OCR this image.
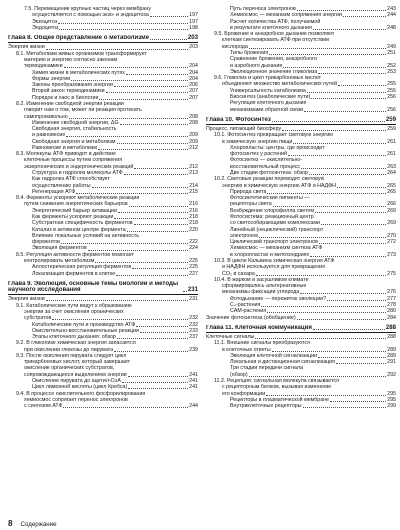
7.5. Перемещение крупных частиц через мембрану
осуществляется с помощью экзо- и эндоцитоза	197
Экзоцитоз	197
Эндоцитоз	198
Глава 8. Общее представление о метаболизме	203
Энергия жизни	203
8.1. Метаболизм живых организмов трансформирует
материю и энергию согласно законам
термодинамики	204
Химия жизни в метаболических путях	204
Формы энергии	204
Законы преобразования энергии	206
Второй закон термодинамики	207
Порядок и хаос в биологии	207
8.2. Изменение свободной энергии реакции
говорит нам о том, может ли реакция протекать
самопроизвольно	208
Изменение свободной энергии, ΔG	208
Свободная энергия, стабильность
и равновесие	209
Свободная энергия и метаболизм	209
Равновесие и метаболизм	212
8.3. Молекулы АТФ приводят в действие
клеточные процессы путем сопряжения
экзергонических и эндергонических реакций	212
Структура и гидролиз молекулы АТФ	213
Как гидролиз АТФ способствует
осуществлению работы	214
Регенерация АТФ	215
8.4. Ферменты ускоряют метаболические реакции
путем снижения энергетических барьеров	216
Энергетический барьер активации	216
Как ферменты ускоряют реакции	218
Субстратная специфичность ферментов	218
Катализ в активном центре фермента	220
Влияние локальных условий на активность
ферментов	222
Эволюция ферментов	224
8.5. Регуляция активности ферментов помогает
контролировать метаболизм	225
Аллостерическая регуляция ферментов	225
Локализация ферментов в клетке	227
Глава 9. Эволюция, основные темы биологии и методы научного исследования	231
Энергия жизни	231
9.1. Катаболические пути ведут к образованию
энергии за счет окисления органических
субстратов	232
Катаболические пути и производство АТФ	232
Окислительно-восстановительные реакции	233
Этапы клеточного дыхания: обзор	237
9.2. В гликолизе химическая энергия запасается
при окислении глюкозы до пирувата	239
9.3. После окисления пирувата следует цикл
трикарбоновых кислот, который завершает
окисление органических субстратов,
сопровождающееся выделением энергии	241
Окисление пирувата до ацетил-CoA	241
Цикл лимонной кислоты (цикл Кребса)	241
9.4. В процессе окислительного фосфорилирования
хемиосмос сопрягает перенос электронов
с синтезом АТФ	244
Путь переноса электронов	243
Хемиосмос — механизм сопряжения энергии	244
Расчет количества АТФ, получаемой
в результате клеточного дыхания	248
9.5. Брожение и анаэробное дыхание позволяют
клеткам синтезировать АТФ при отсутствии
кислорода	249
Типы брожения	251
Сравнение брожения, анаэробного
и аэробного дыхания	252
Эволюционное значение гликолиза	253
9.6. Гликолиз и цикл трикарбоновых кислот
объединяют множество метаболических путей	255
Универсальность катаболизма	255
Биосинтез (анаболические пути)	256
Регуляция клеточного дыхания
механизмами обратной связи	256
Глава 10. Фотосинтез	259
Процесс, питающий биосферу	259
10.1. Фотосинтез превращает световую энергию
в химическую энергию пищи	261
Хлоропласты: центры, где происходит
фотосинтез у растений	261
Фотосинтез — окислительно-
восстановительный процесс	263
Две стадии фотосинтеза: обзор	264
10.2. Световые реакции переводят световую
энергию в химическую энергию АТФ и НАДФН	265
Природа света	265
Фотосинтетические пигменты —
рецепторы света	266
Возбуждение хлорофилла светом	269
Фотосистема: реакционный центр
со светособирающими комплексами	269
Линейный (нециклический) транспорт
электронов	270
Циклический транспорт электронов	272
Хемиосмос — механизм синтеза АТФ
в хлоропластах и митохондриях	273
10.3. В цикле Кальвина химическая энергия АТФ
и НАДФН используется для превращения
CO₂ в сахара	275
10.4. В жарком и засушливом климате
сформировались альтернативные
механизмы фиксации углерода	276
Фотодыхание — пережиток эволюции?	277
C₄-растения	278
CAM-растения	280
Значение фотосинтеза (обобщение)	284
Глава 11. Клеточная коммуникация	288
Клеточные сигналы	288
11.1. Внешние сигналы преобразуются
в клеточные ответы	289
Эволюция клеточной сигнализации	289
Локальная и дистанционная сигнализация	291
Три стадии передачи сигнала
(обзор)	292
11.2. Рецепция: сигнальная молекула связывается
с рецепторным белком, вызывая изменение
его конформации	295
Рецепторы в плазматической мембране	295
Внутриклеточные рецепторы	299
8 Содержание
